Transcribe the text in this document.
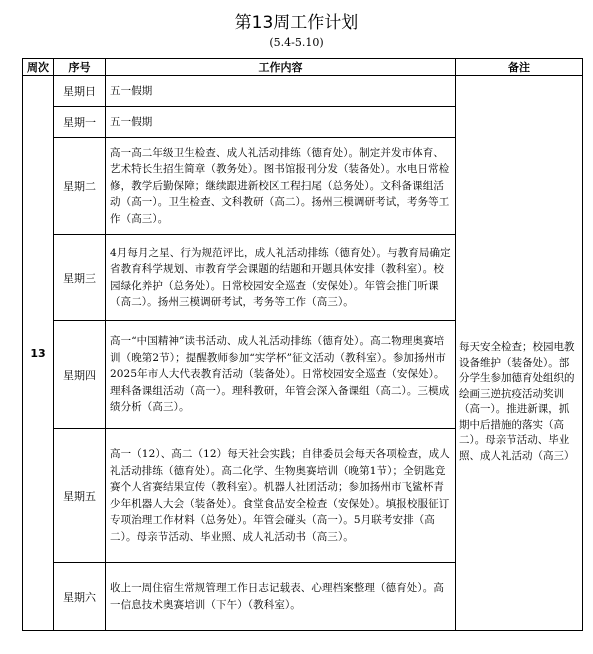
第13周工作计划
(5.4-5.10)
周次	序号	工作内容	备注
13	星期日	五一假期	每天安全检查；校园电教设备维护（装备处）。部分学生参加德育处组织的绘画三逆抗疫活动奖训（高一）。推进新课，抓期中后措施的落实（高二）。母亲节活动、毕业照、成人礼活动（高三）

	星期一	五一假期	
	星期二	高一高二年级卫生检查、成人礼活动排练（德育处）。制定并发市体育、艺术特长生招生简章（教务处）。图书馆报刊分发（装备处）。水电日常检修，教学后勤保障；继续跟进新校区工程扫尾（总务处）。文科备课组活动（高一）。卫生检查、文科教研（高二）。扬州三模调研考试，考务等工作（高三）。	
	星期三	4月每月之星、行为规范评比，成人礼活动排练（德育处）。与教育局确定省教育科学规划、市教育学会课题的结题和开题具体安排（教科室）。校园绿化养护（总务处）。日常校园安全巡查（安保处）。年管会推门听课（高二）。扬州三模调研考试，考务等工作（高三）。	
	星期四	高一“中国精神”读书活动、成人礼活动排练（德育处）。高二物理奥赛培训（晚第2节）；提醒教师参加“实学杯”征文活动（教科室）。参加扬州市2025年市人大代表教育活动（装备处）。日常校园安全巡查（安保处）。理科备课组活动（高一）。理科教研，年管会深入备课组（高二）。三模成绩分析（高三）。	
	星期五	高一（12）、高二（12）每天社会实践；自律委员会每天各项检查，成人礼活动排练（德育处）。高二化学、生物奥赛培训（晚第1节）；全钥匙竞赛个人省赛结果宣传（教科室）。机器人社团活动；参加扬州市飞鲨杯青少年机器人大会（装备处）。食堂食品安全检查（安保处）。填报校服征订专项治理工作材料（总务处）。年管会碰头（高一）。5月联考安排（高二）。母亲节活动、毕业照、成人礼活动书（高三）。	
	星期六	收上一周住宿生常规管理工作日志记载表、心理档案整理（德育处）。高一信息技术奥赛培训（下午）（教科室）。	
